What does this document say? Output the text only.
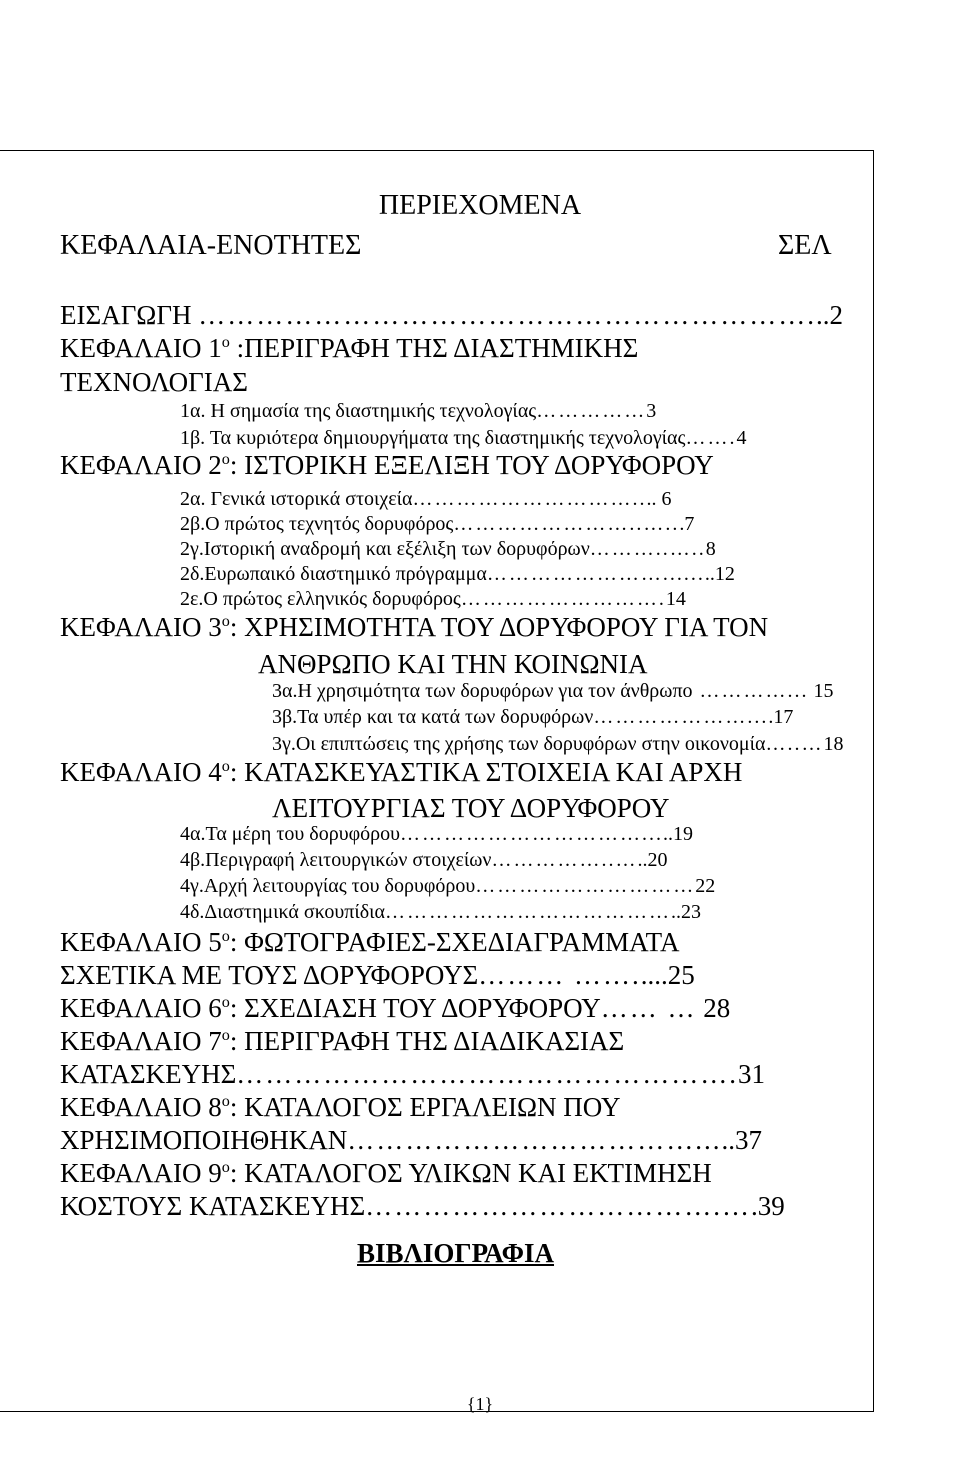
ΠΕΡΙΕΧΟΜΕΝΑ
ΚΕΦΑΛΑΙΑ-ΕΝΟΤΗΤΕΣ	ΣΕΛ
ΕΙΣΑΓΩΓΗ ………………………………………………………...2
ΚΕΦΑΛΑΙΟ $1^o$ :ΠΕΡΙΓΡΑΦΗ ΤΗΣ ΔΙΑΣΤΗΜΙΚΗΣ
ΤΕΧΝΟΛΟΓΙΑΣ
1α. Η σημασία της διαστημικής τεχνολογίας……………3
1β. Τα κυριότερα δημιουργήματα της διαστημικής τεχνολογίας…….4
ΚΕΦΑΛΑΙΟ $2^o$: ΙΣΤΟΡΙΚΗ ΕΞΕΛΙΞΗ ΤΟΥ ΔΟΡΥΦΟΡΟΥ
2α. Γενικά ιστορικά στοιχεία………………………….... 6
2β.Ο πρώτος τεχνητός δορυφόρος……………………..…...7
2γ.Ιστορική αναδρομή και εξέλιξη των δορυφόρων………..…..8
2δ.Ευρωπαικό διαστημικό πρόγραμμα……………………........12
2ε.Ο πρώτος ελληνικός δορυφόρος……………………….14
ΚΕΦΑΛΑΙΟ $3^o$: ΧΡΗΣΙΜΟΤΗΤΑ ΤΟΥ ΔΟΡΥΦΟΡΟΥ ΓΙΑ ΤΟΝ
ΑΝΘΡΩΠΟ ΚΑΙ ΤΗΝ ΚΟΙΝΩΝΙΑ
3α.Η χρησιμότητα των δορυφόρων για τον άνθρωπο …………... 15
3β.Τα υπέρ και τα κατά των δορυφόρων…………………....17
3γ.Οι επιπτώσεις της χρήσης των δορυφόρων στην οικονομία…..…18
ΚΕΦΑΛΑΙΟ $4^o$: ΚΑΤΑΣΚΕΥΑΣΤΙΚΑ ΣΤΟΙΧΕΙΑ ΚΑΙ ΑΡΧΗ
ΛΕΙΤΟΥΡΓΙΑΣ ΤΟΥ ΔΟΡΥΦΟΡΟΥ
4α.Τα μέρη του δορυφόρου…………………………….....19
4β.Περιγραφή λειτουργικών στοιχείων……………..…..20
4γ.Αρχή λειτουργίας του δορυφόρου…………………………22
4δ.Διαστημικά σκουπίδια…………………………………..23
ΚΕΦΑΛΑΙΟ $5^o$: ΦΩΤΟΓΡΑΦΙΕΣ-ΣΧΕΔΙΑΓΡΑΜΜΑΤΑ
ΣΧΕΤΙΚΑ ΜΕ ΤΟΥΣ ΔΟΡΥΦΟΡΟΥΣ……… …….....25
ΚΕΦΑΛΑΙΟ $6^o$: ΣΧΕΔΙΑΣΗ ΤΟΥ ΔΟΡΥΦΟΡΟΥ…… … 28
ΚΕΦΑΛΑΙΟ $7^o$: ΠΕΡΙΓΡΑΦΗ ΤΗΣ ΔΙΑΔΙΚΑΣΙΑΣ
ΚΑΤΑΣΚΕΥΗΣ…………………………………………….31
ΚΕΦΑΛΑΙΟ $8^o$: ΚΑΤΑΛΟΓΟΣ ΕΡΓΑΛΕΙΩΝ ΠΟΥ
ΧΡΗΣΙΜΟΠΟΙΗΘΗΚΑΝ……………………………….....37
ΚΕΦΑΛΑΙΟ $9^o$: ΚΑΤΑΛΟΓΟΣ ΥΛΙΚΩΝ ΚΑΙ ΕΚΤΙΜΗΣΗ
ΚΟΣΤΟΥΣ ΚΑΤΑΣΚΕΥΗΣ……………………………….….39
ΒΙΒΛΙΟΓΡΑΦΙΑ
{1}
